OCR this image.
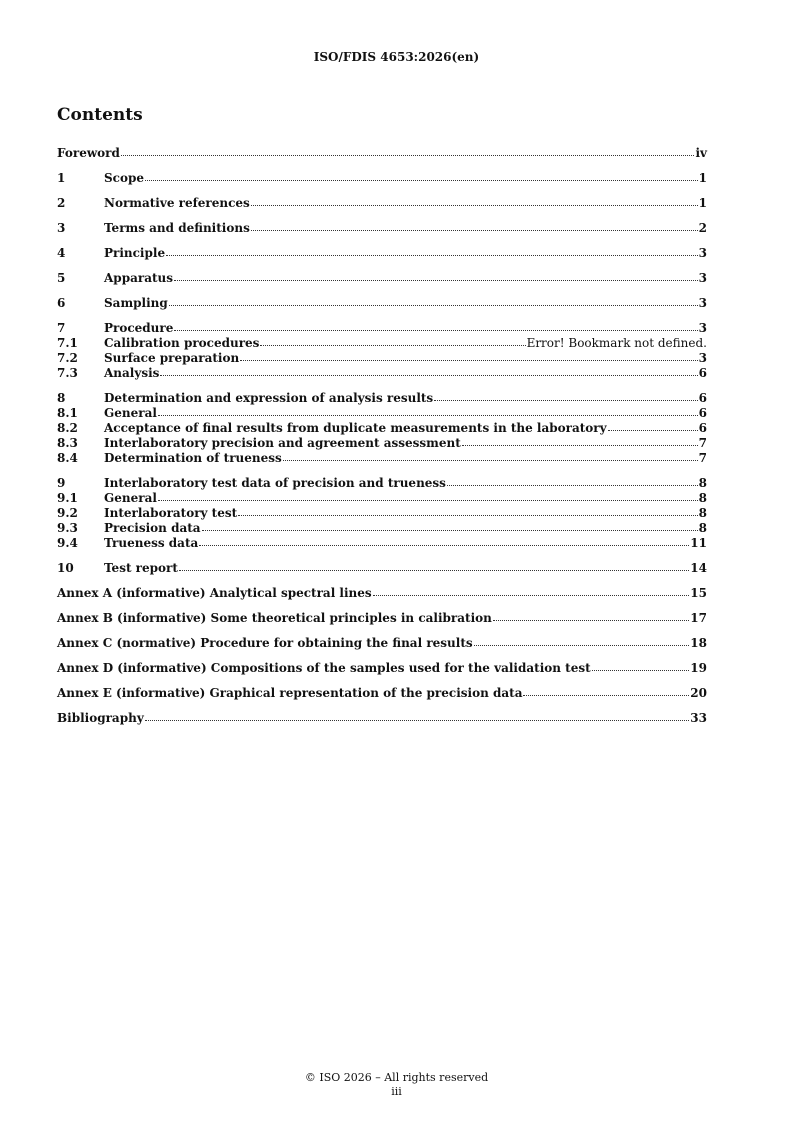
ISO/FDIS 4653:2026(en)
Contents
Foreword	iv
1	Scope	1
2	Normative references	1
3	Terms and definitions	2
4	Principle	3
5	Apparatus	3
6	Sampling	3
7	Procedure	3
7.1	Calibration procedures	Error! Bookmark not defined.
7.2	Surface preparation	3
7.3	Analysis	6
8	Determination and expression of analysis results	6
8.1	General	6
8.2	Acceptance of final results from duplicate measurements in the laboratory	6
8.3	Interlaboratory precision and agreement assessment	7
8.4	Determination of trueness	7
9	Interlaboratory test data of precision and trueness	8
9.1	General	8
9.2	Interlaboratory test	8
9.3	Precision data	8
9.4	Trueness data	11
10	Test report	14
Annex A (informative) Analytical spectral lines	15
Annex B (informative) Some theoretical principles in calibration	17
Annex C (normative) Procedure for obtaining the final results	18
Annex D (informative) Compositions of the samples used for the validation test	19
Annex E (informative) Graphical representation of the precision data	20
Bibliography	33
© ISO 2026 – All rights reserved
iii
